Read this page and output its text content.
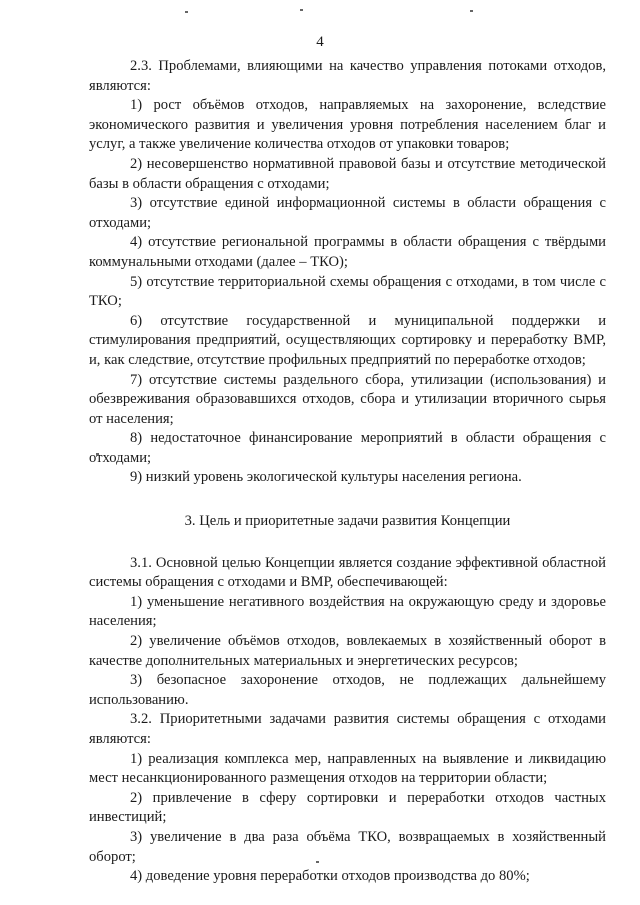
4

2.3. Проблемами, влияющими на качество управления потоками отходов, являются:

1) рост объёмов отходов, направляемых на захоронение, вследствие экономического развития и увеличения уровня потребления населением благ и услуг, а также увеличение количества отходов от упаковки товаров;

2) несовершенство нормативной правовой базы и отсутствие методической базы в области обращения с отходами;

3) отсутствие единой информационной системы в области обращения с отходами;

4) отсутствие региональной программы в области обращения с твёрдыми коммунальными отходами (далее – ТКО);

5) отсутствие территориальной схемы обращения с отходами, в том числе с ТКО;

6) отсутствие государственной и муниципальной поддержки и стимулирования предприятий, осуществляющих сортировку и переработку ВМР, и, как следствие, отсутствие профильных предприятий по переработке отходов;

7) отсутствие системы раздельного сбора, утилизации (использования) и обезвреживания образовавшихся отходов, сбора и утилизации вторичного сырья от населения;

8) недостаточное финансирование мероприятий в области обращения с отходами;

9) низкий уровень экологической культуры населения региона.

3. Цель и приоритетные задачи развития Концепции

3.1. Основной целью Концепции является создание эффективной областной системы обращения с отходами и ВМР, обеспечивающей:

1) уменьшение негативного воздействия на окружающую среду и здоровье населения;

2) увеличение объёмов отходов, вовлекаемых в хозяйственный оборот в качестве дополнительных материальных и энергетических ресурсов;

3) безопасное захоронение отходов, не подлежащих дальнейшему использованию.

3.2. Приоритетными задачами развития системы обращения с отходами являются:

1) реализация комплекса мер, направленных на выявление и ликвидацию мест несанкционированного размещения отходов на территории области;

2) привлечение в сферу сортировки и переработки отходов частных инвестиций;

3) увеличение в два раза объёма ТКО, возвращаемых в хозяйственный оборот;

4) доведение уровня переработки отходов производства до 80%;
